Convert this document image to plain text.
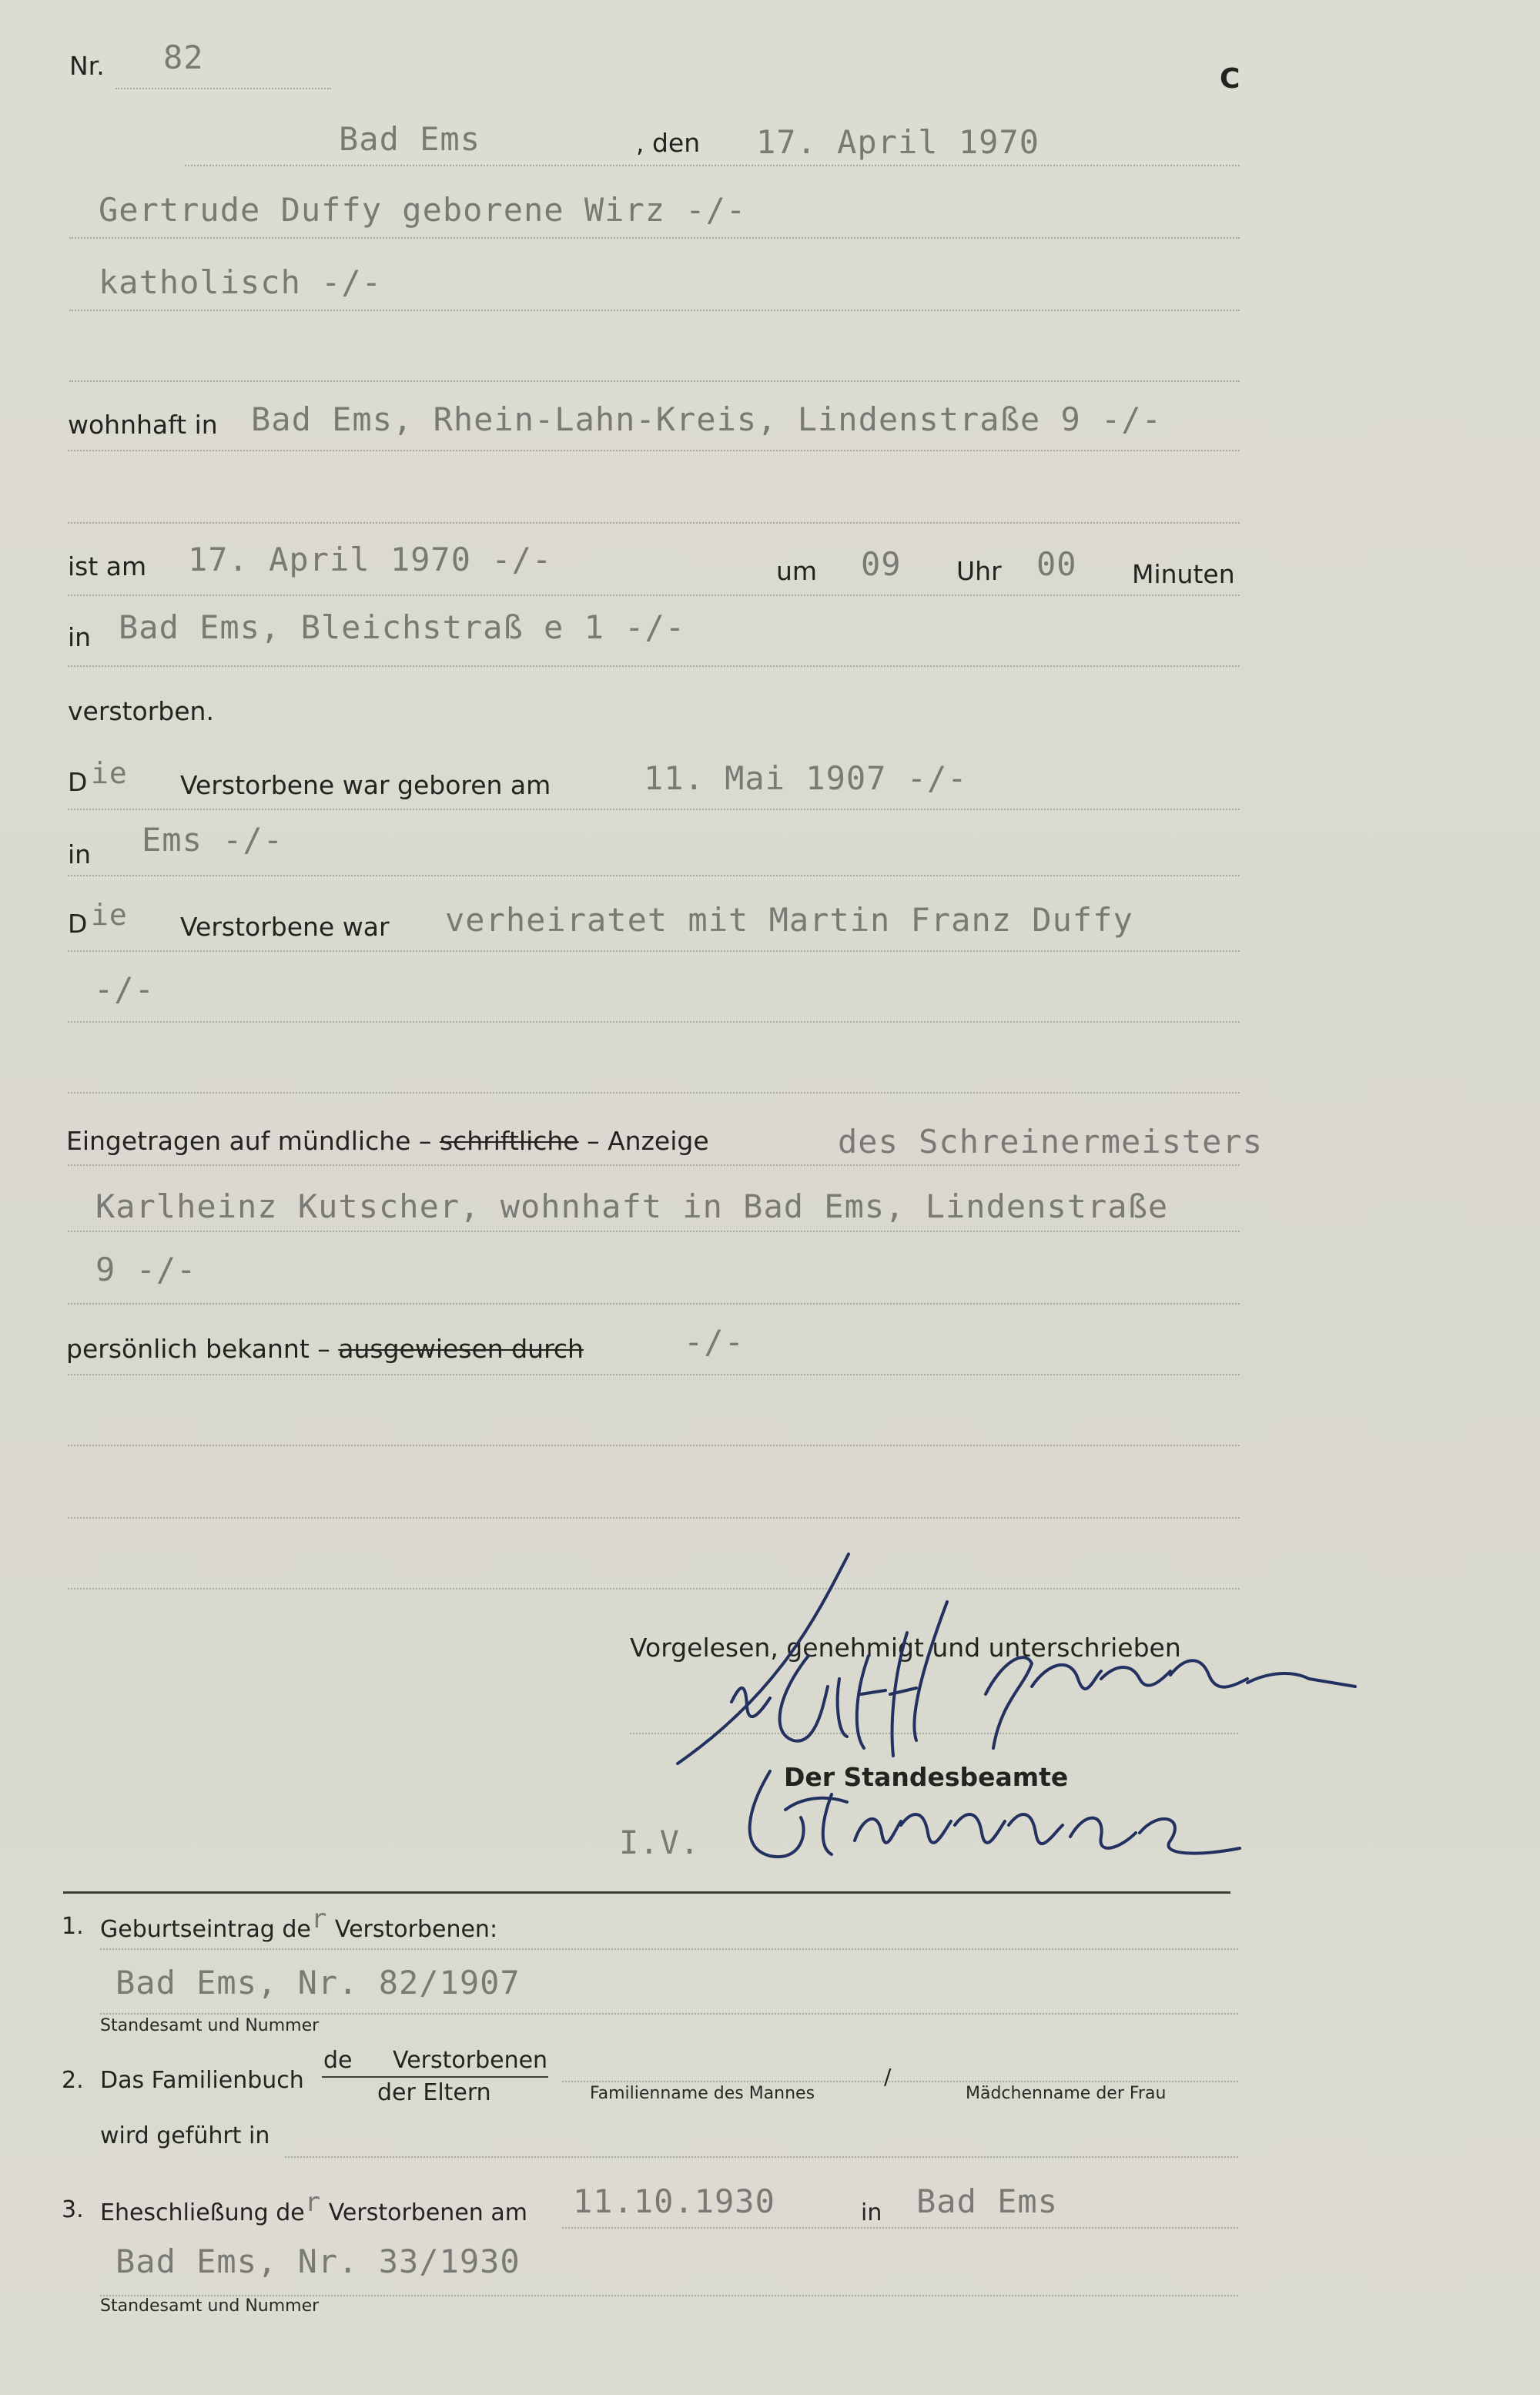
Nr. 82
C
Bad Ems	, den 17. April 1970
Gertrude Duffy geborene Wirz -/-
katholisch -/-
wohnhaft in Bad Ems, Rhein-Lahn-Kreis, Lindenstraße 9 -/-
ist am 17. April 1970 -/-	um 09 Uhr 00 Minuten
in Bad Ems, Bleichstraß e 1 -/-
verstorben.
D ie Verstorbene war geboren am	11. Mai 1907 -/-
in Ems -/-
D ie Verstorbene war verheiratet mit Martin Franz Duffy
-/-
Eingetragen auf mündliche – schriftliche – Anzeige	des Schreinermeisters
Karlheinz Kutscher, wohnhaft in Bad Ems, Lindenstraße
9 -/-
persönlich bekannt – ausgewiesen durch	-/-
Vorgelesen, genehmigt und unterschrieben
Der Standesbeamte
I.V.
1. Geburtseintrag der Verstorbenen:
Bad Ems, Nr. 82/1907
Standesamt und Nummer
2. Das Familienbuch
de Verstorbenen
der Eltern	Familienname des Mannes
/
Mädchenname der Frau
wird geführt in
3. Eheschließung der Verstorbenen am 11.10.1930	in Bad Ems
Bad Ems, Nr. 33/1930
Standesamt und Nummer
